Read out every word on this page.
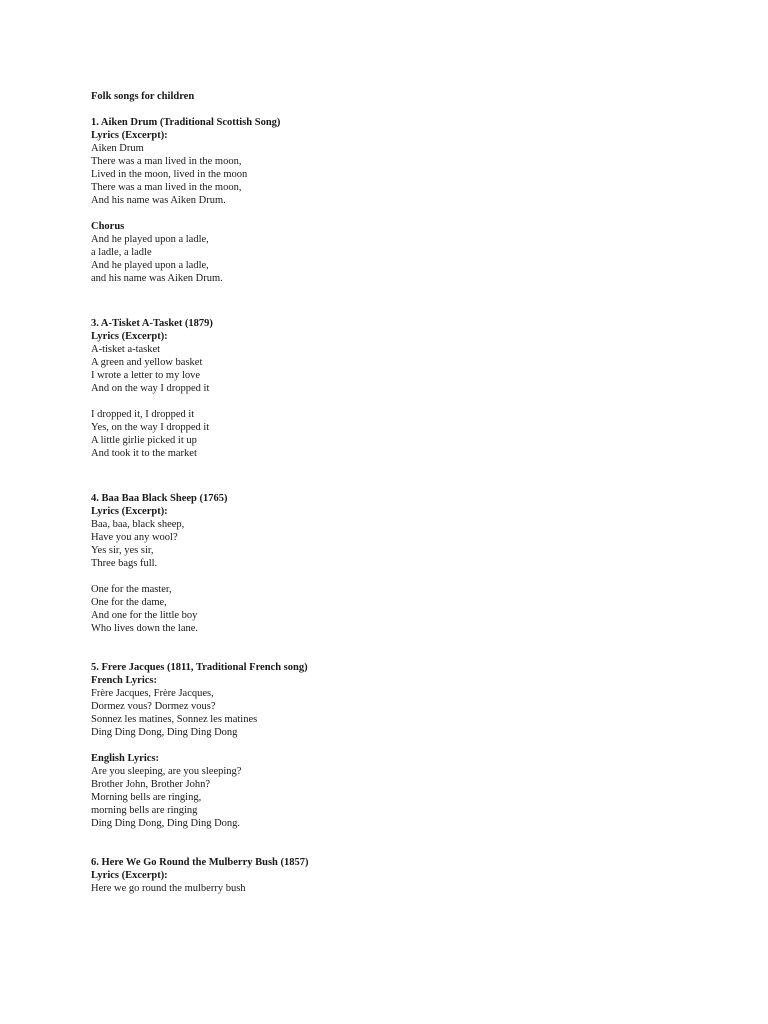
Folk songs for children
1. Aiken Drum (Traditional Scottish Song)
Lyrics (Excerpt):
Aiken Drum
There was a man lived in the moon,
Lived in the moon, lived in the moon
There was a man lived in the moon,
And his name was Aiken Drum.
Chorus
And he played upon a ladle,
a ladle, a ladle
And he played upon a ladle,
and his name was Aiken Drum.
3. A-Tisket A-Tasket (1879)
Lyrics (Excerpt):
A-tisket a-tasket
A green and yellow basket
I wrote a letter to my love
And on the way I dropped it
I dropped it, I dropped it
Yes, on the way I dropped it
A little girlie picked it up
And took it to the market
4. Baa Baa Black Sheep (1765)
Lyrics (Excerpt):
Baa, baa, black sheep,
Have you any wool?
Yes sir, yes sir,
Three bags full.
One for the master,
One for the dame,
And one for the little boy
Who lives down the lane.
5. Frere Jacques (1811, Traditional French song)
French Lyrics:
Frère Jacques, Frère Jacques,
Dormez vous? Dormez vous?
Sonnez les matines, Sonnez les matines
Ding Ding Dong, Ding Ding Dong
English Lyrics:
Are you sleeping, are you sleeping?
Brother John, Brother John?
Morning bells are ringing,
morning bells are ringing
Ding Ding Dong, Ding Ding Dong.
6. Here We Go Round the Mulberry Bush (1857)
Lyrics (Excerpt):
Here we go round the mulberry bush
